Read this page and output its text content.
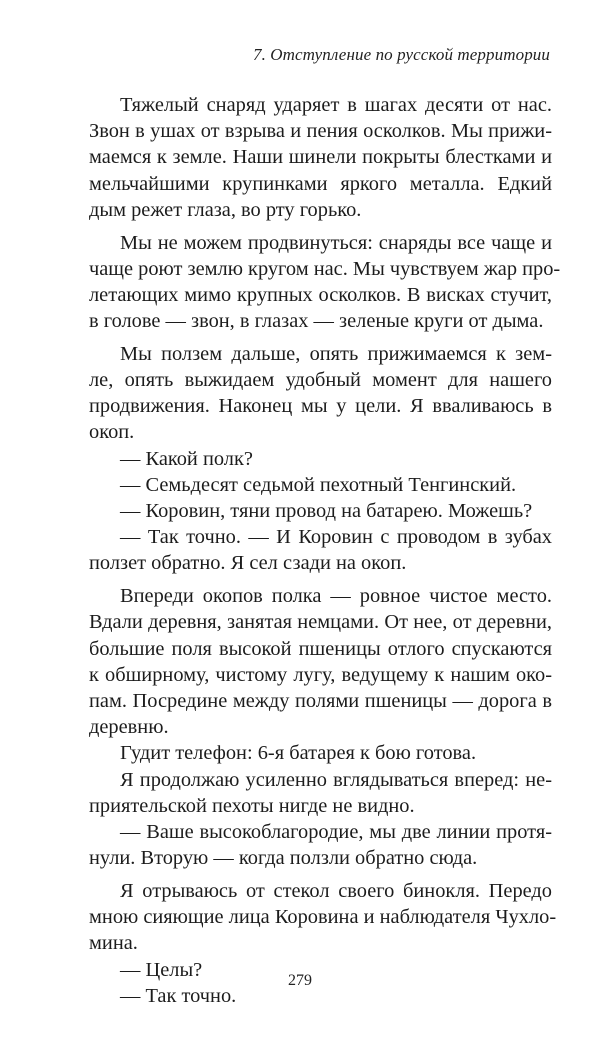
7. Отступление по русской территории
Тяжелый снаряд ударяет в шагах десяти от нас.
Звон в ушах от взрыва и пения осколков. Мы прижи-
маемся к земле. Наши шинели покрыты блестками и
мельчайшими крупинками яркого металла. Едкий
дым режет глаза, во рту горько.
Мы не можем продвинуться: снаряды все чаще и
чаще роют землю кругом нас. Мы чувствуем жар про-
летающих мимо крупных осколков. В висках стучит,
в голове — звон, в глазах — зеленые круги от дыма.
Мы ползем дальше, опять прижимаемся к зем-
ле, опять выжидаем удобный момент для нашего
продвижения. Наконец мы у цели. Я вваливаюсь в
окоп.
— Какой полк?
— Семьдесят седьмой пехотный Тенгинский.
— Коровин, тяни провод на батарею. Можешь?
— Так точно. — И Коровин с проводом в зубах
ползет обратно. Я сел сзади на окоп.
Впереди окопов полка — ровное чистое место.
Вдали деревня, занятая немцами. От нее, от деревни,
большие поля высокой пшеницы отлого спускаются
к обширному, чистому лугу, ведущему к нашим око-
пам. Посредине между полями пшеницы — дорога в
деревню.
Гудит телефон: 6-я батарея к бою готова.
Я продолжаю усиленно вглядываться вперед: не-
приятельской пехоты нигде не видно.
— Ваше высокоблагородие, мы две линии протя-
нули. Вторую — когда ползли обратно сюда.
Я отрываюсь от стекол своего бинокля. Передо
мною сияющие лица Коровина и наблюдателя Чухло-
мина.
— Целы?
— Так точно.
279
